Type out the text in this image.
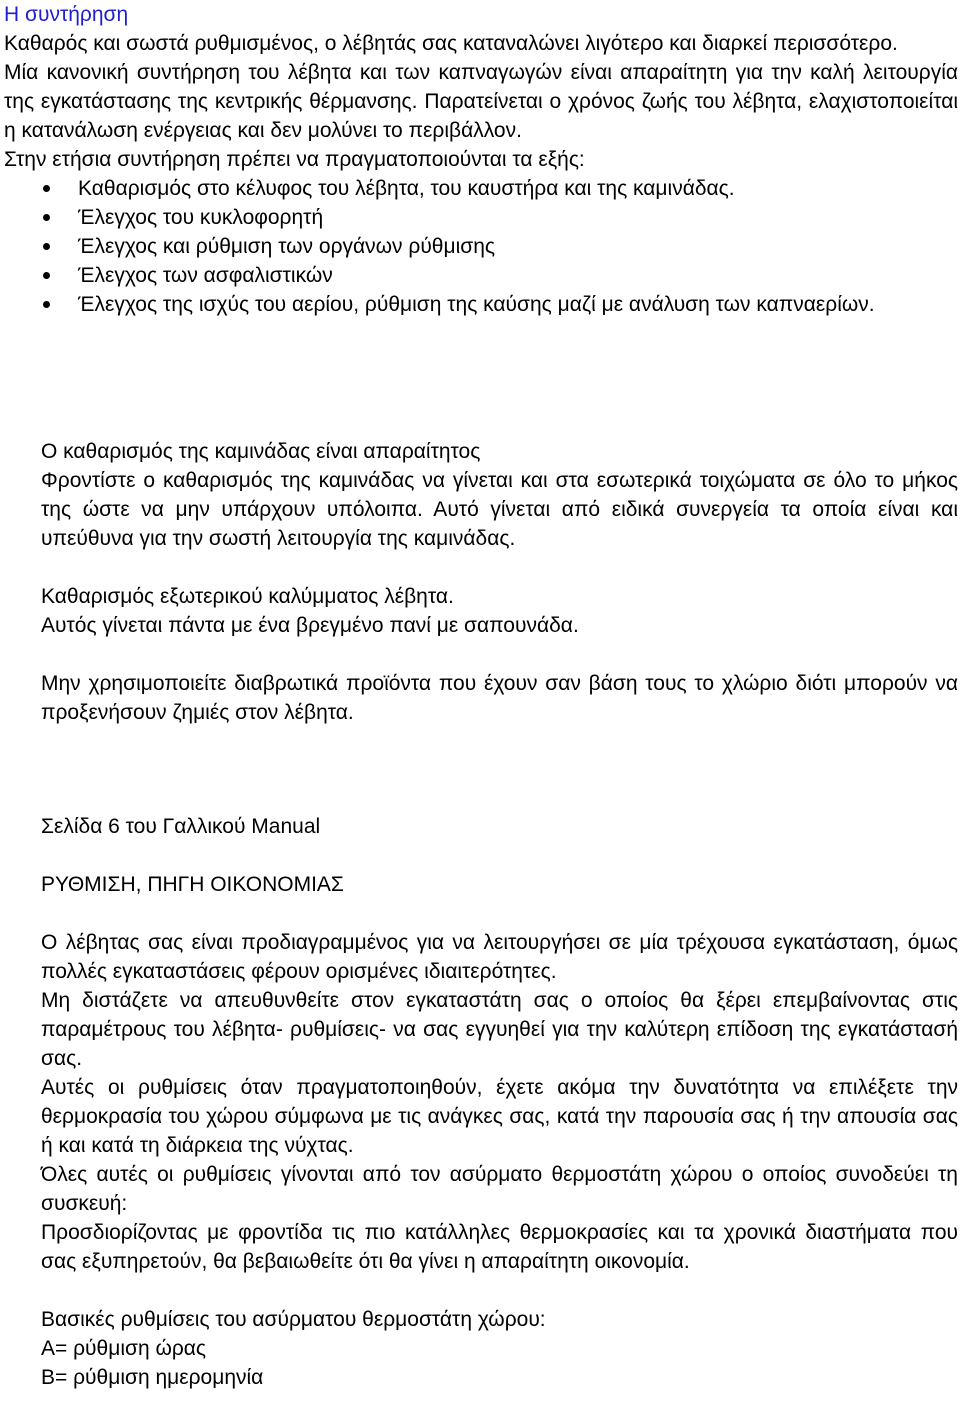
Η συντήρηση

Καθαρός και σωστά ρυθμισμένος, ο λέβητάς σας καταναλώνει λιγότερο και διαρκεί περισσότερο.

Μία κανονική συντήρηση του λέβητα και των καπναγωγών είναι απαραίτητη για την καλή λειτουργία της εγκατάστασης της κεντρικής θέρμανσης. Παρατείνεται ο χρόνος ζωής του λέβητα, ελαχιστοποιείται η κατανάλωση ενέργειας και δεν μολύνει το περιβάλλον.

Στην ετήσια συντήρηση πρέπει να πραγματοποιούνται τα εξής:

Καθαρισμός στο κέλυφος του λέβητα, του καυστήρα και της καμινάδας.
Έλεγχος του κυκλοφορητή
Έλεγχος και ρύθμιση των οργάνων ρύθμισης
Έλεγχος των ασφαλιστικών
Έλεγχος της ισχύς του αερίου, ρύθμιση της καύσης μαζί με ανάλυση των καπναερίων.

Ο καθαρισμός της καμινάδας είναι απαραίτητος

Φροντίστε ο καθαρισμός της καμινάδας να γίνεται και στα εσωτερικά τοιχώματα σε όλο το μήκος της ώστε να μην υπάρχουν υπόλοιπα. Αυτό γίνεται από ειδικά συνεργεία τα οποία είναι και υπεύθυνα για την σωστή λειτουργία της καμινάδας.

Καθαρισμός εξωτερικού καλύμματος λέβητα.

Αυτός γίνεται πάντα με ένα βρεγμένο πανί με σαπουνάδα.

Μην χρησιμοποιείτε διαβρωτικά προϊόντα που έχουν σαν βάση τους το χλώριο διότι μπορούν να προξενήσουν ζημιές στον λέβητα.

Σελίδα 6 του Γαλλικού Manual

ΡΥΘΜΙΣΗ, ΠΗΓΗ ΟΙΚΟΝΟΜΙΑΣ

Ο λέβητας σας είναι προδιαγραμμένος για να λειτουργήσει σε μία τρέχουσα εγκατάσταση, όμως πολλές εγκαταστάσεις φέρουν ορισμένες ιδιαιτερότητες.

Μη διστάζετε να απευθυνθείτε στον εγκαταστάτη σας ο οποίος θα ξέρει επεμβαίνοντας στις παραμέτρους του λέβητα- ρυθμίσεις- να σας εγγυηθεί για την καλύτερη επίδοση της εγκατάστασή σας.

Αυτές οι ρυθμίσεις όταν πραγματοποιηθούν, έχετε ακόμα την δυνατότητα να επιλέξετε την θερμοκρασία του χώρου σύμφωνα με τις ανάγκες σας, κατά την παρουσία σας ή την απουσία σας ή και κατά τη διάρκεια της νύχτας.

Όλες αυτές οι ρυθμίσεις γίνονται από τον ασύρματο θερμοστάτη χώρου ο οποίος συνοδεύει τη συσκευή:

Προσδιορίζοντας με φροντίδα τις πιο κατάλληλες θερμοκρασίες και τα χρονικά διαστήματα που σας εξυπηρετούν, θα βεβαιωθείτε ότι θα γίνει η απαραίτητη οικονομία.

Βασικές ρυθμίσεις του ασύρματου θερμοστάτη χώρου:

A= ρύθμιση ώρας

B= ρύθμιση ημερομηνία
